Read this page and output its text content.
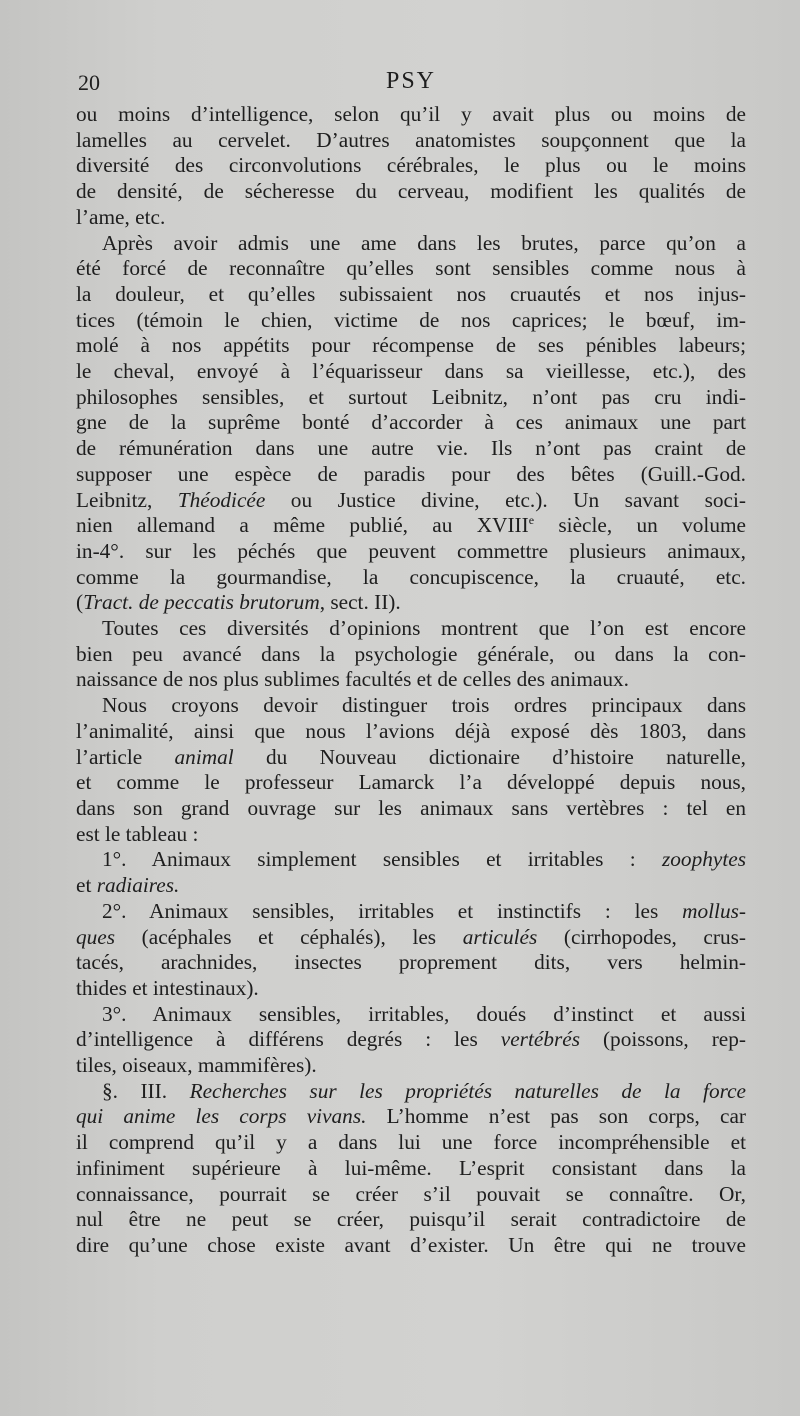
20	PSY
ou moins d’intelligence, selon qu’il y avait plus ou moins de
lamelles au cervelet. D’autres anatomistes soupçonnent que la
diversité des circonvolutions cérébrales, le plus ou le moins
de densité, de sécheresse du cerveau, modifient les qualités de
l’ame, etc.
Après avoir admis une ame dans les brutes, parce qu’on a
été forcé de reconnaître qu’elles sont sensibles comme nous à
la douleur, et qu’elles subissaient nos cruautés et nos injus-
tices (témoin le chien, victime de nos caprices; le bœuf, im-
molé à nos appétits pour récompense de ses pénibles labeurs;
le cheval, envoyé à l’équarisseur dans sa vieillesse, etc.), des
philosophes sensibles, et surtout Leibnitz, n’ont pas cru indi-
gne de la suprême bonté d’accorder à ces animaux une part
de rémunération dans une autre vie. Ils n’ont pas craint de
supposer une espèce de paradis pour des bêtes (Guill.-God.
Leibnitz, Théodicée ou Justice divine, etc.). Un savant soci-
nien allemand a même publié, au XVIIIe siècle, un volume
in-4°. sur les péchés que peuvent commettre plusieurs animaux,
comme la gourmandise, la concupiscence, la cruauté, etc.
(Tract. de peccatis brutorum, sect. II).
Toutes ces diversités d’opinions montrent que l’on est encore
bien peu avancé dans la psychologie générale, ou dans la con-
naissance de nos plus sublimes facultés et de celles des animaux.
Nous croyons devoir distinguer trois ordres principaux dans
l’animalité, ainsi que nous l’avions déjà exposé dès 1803, dans
l’article animal du Nouveau dictionaire d’histoire naturelle,
et comme le professeur Lamarck l’a développé depuis nous,
dans son grand ouvrage sur les animaux sans vertèbres : tel en
est le tableau :
1°. Animaux simplement sensibles et irritables : zoophytes
et radiaires.
2°. Animaux sensibles, irritables et instinctifs : les mollus-
ques (acéphales et céphalés), les articulés (cirrhopodes, crus-
tacés, arachnides, insectes proprement dits, vers helmin-
thides et intestinaux).
3°. Animaux sensibles, irritables, doués d’instinct et aussi
d’intelligence à différens degrés : les vertébrés (poissons, rep-
tiles, oiseaux, mammifères).
§. III. Recherches sur les propriétés naturelles de la force
qui anime les corps vivans. L’homme n’est pas son corps, car
il comprend qu’il y a dans lui une force incompréhensible et
infiniment supérieure à lui-même. L’esprit consistant dans la
connaissance, pourrait se créer s’il pouvait se connaître. Or,
nul être ne peut se créer, puisqu’il serait contradictoire de
dire qu’une chose existe avant d’exister. Un être qui ne trouve
